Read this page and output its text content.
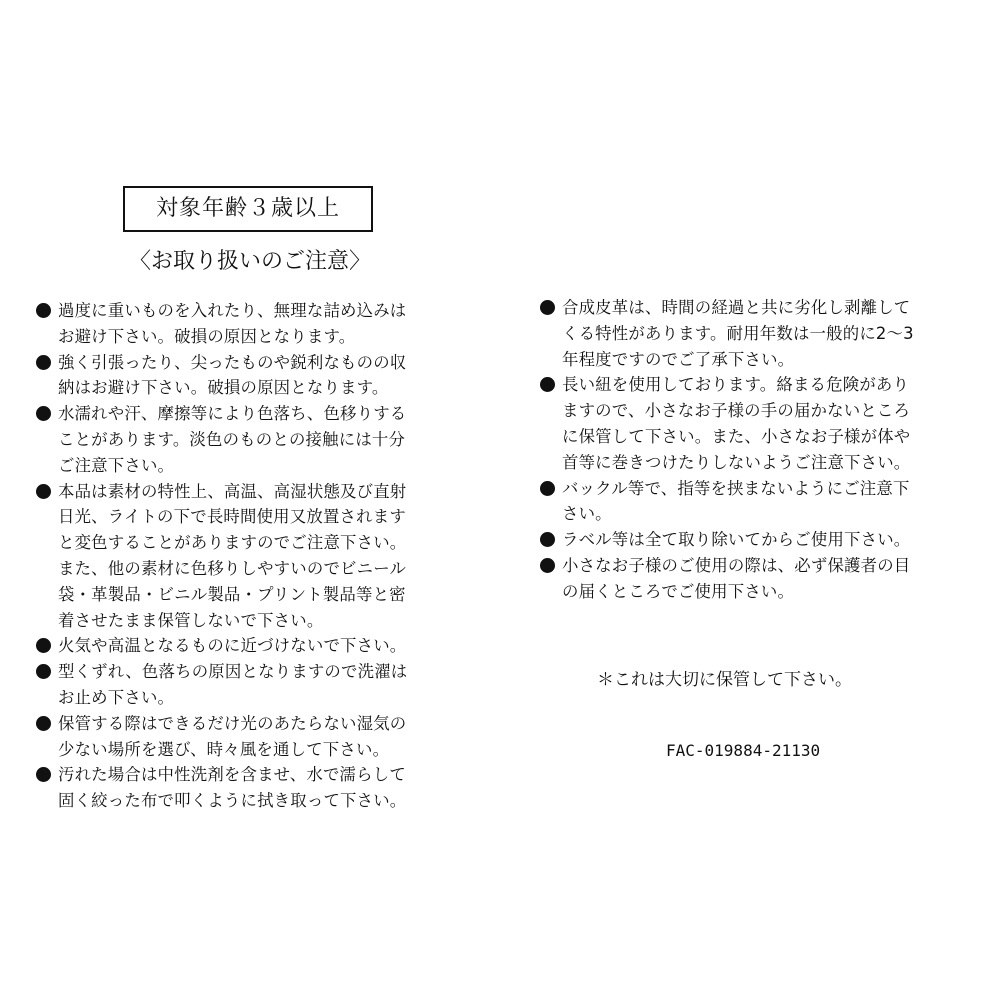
対象年齢３歳以上
〈お取り扱いのご注意〉
過度に重いものを入れたり、無理な詰め込みは
お避け下さい。破損の原因となります。
強く引張ったり、尖ったものや鋭利なものの収
納はお避け下さい。破損の原因となります。
水濡れや汗、摩擦等により色落ち、色移りする
ことがあります。淡色のものとの接触には十分
ご注意下さい。
本品は素材の特性上、高温、高湿状態及び直射
日光、ライトの下で長時間使用又放置されます
と変色することがありますのでご注意下さい。
また、他の素材に色移りしやすいのでビニール
袋・革製品・ビニル製品・プリント製品等と密
着させたまま保管しないで下さい。
火気や高温となるものに近づけないで下さい。
型くずれ、色落ちの原因となりますので洗濯は
お止め下さい。
保管する際はできるだけ光のあたらない湿気の
少ない場所を選び、時々風を通して下さい。
汚れた場合は中性洗剤を含ませ、水で濡らして
固く絞った布で叩くように拭き取って下さい。
合成皮革は、時間の経過と共に劣化し剥離して
くる特性があります。耐用年数は一般的に2～3
年程度ですのでご了承下さい。
長い紐を使用しております。絡まる危険があり
ますので、小さなお子様の手の届かないところ
に保管して下さい。また、小さなお子様が体や
首等に巻きつけたりしないようご注意下さい。
バックル等で、指等を挟まないようにご注意下
さい。
ラベル等は全て取り除いてからご使用下さい。
小さなお子様のご使用の際は、必ず保護者の目
の届くところでご使用下さい。
＊これは大切に保管して下さい。
FAC-019884-21130
